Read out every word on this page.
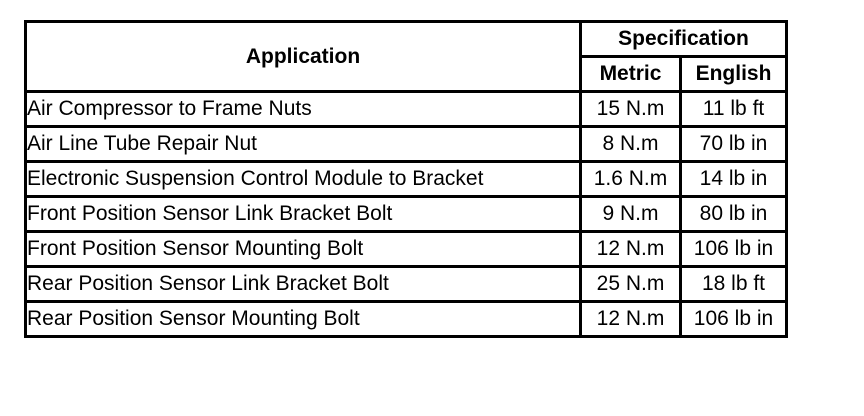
Application	Specification	
	Metric	English
Air Compressor to Frame Nuts	15 N.m	11 lb ft
Air Line Tube Repair Nut	8 N.m	70 lb in
Electronic Suspension Control Module to Bracket	1.6 N.m	14 lb in
Front Position Sensor Link Bracket Bolt	9 N.m	80 lb in
Front Position Sensor Mounting Bolt	12 N.m	106 lb in
Rear Position Sensor Link Bracket Bolt	25 N.m	18 lb ft
Rear Position Sensor Mounting Bolt	12 N.m	106 lb in
